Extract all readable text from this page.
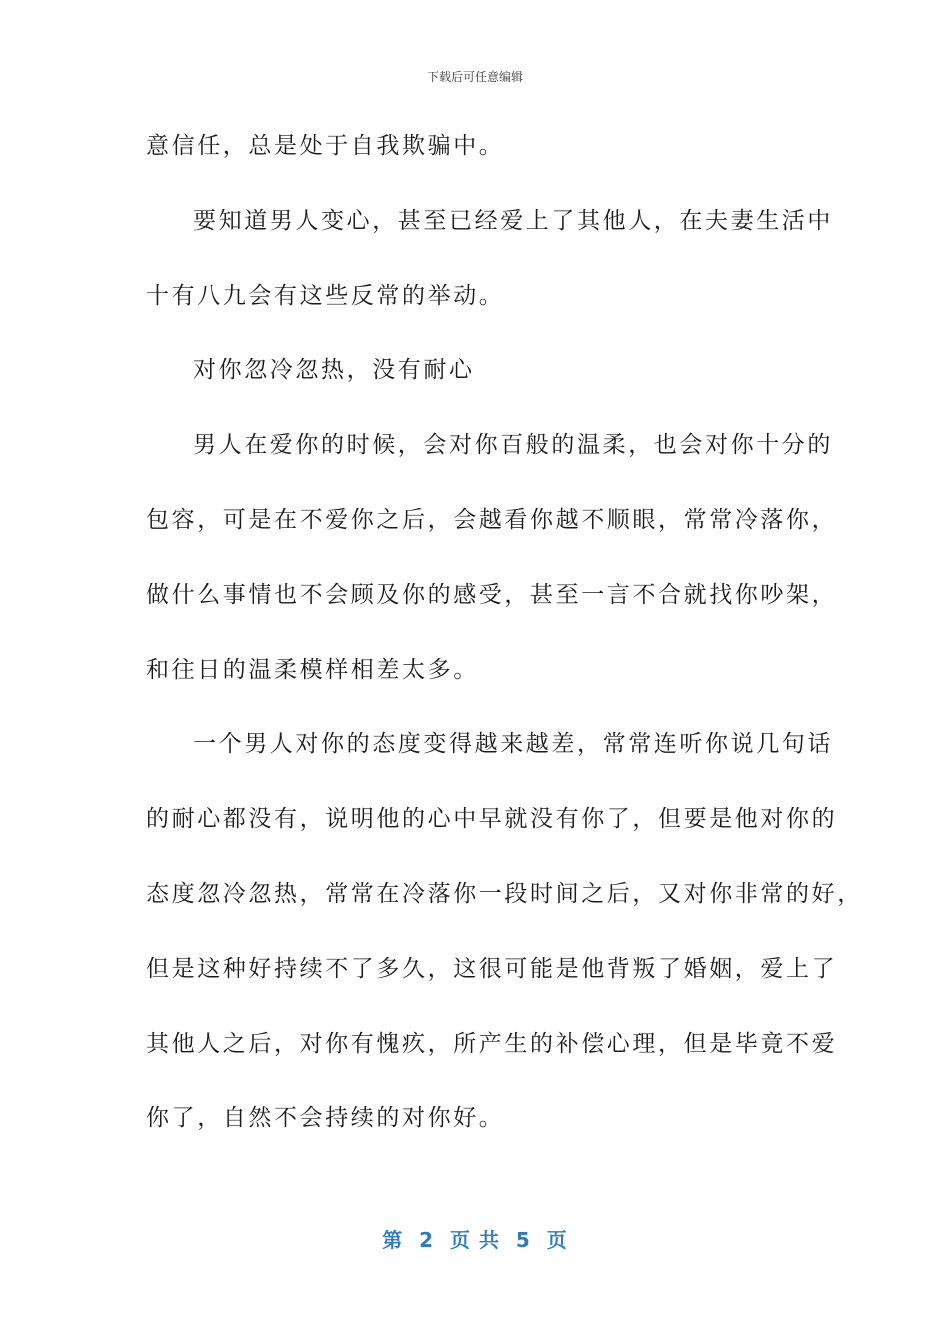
下载后可任意编辑
意信任，总是处于自我欺骗中。
要知道男人变心，甚至已经爱上了其他人，在夫妻生活中
十有八九会有这些反常的举动。
对你忽冷忽热，没有耐心
男人在爱你的时候，会对你百般的温柔，也会对你十分的
包容，可是在不爱你之后，会越看你越不顺眼，常常冷落你，
做什么事情也不会顾及你的感受，甚至一言不合就找你吵架，
和往日的温柔模样相差太多。
一个男人对你的态度变得越来越差，常常连听你说几句话
的耐心都没有，说明他的心中早就没有你了，但要是他对你的
态度忽冷忽热，常常在冷落你一段时间之后，又对你非常的好，
但是这种好持续不了多久，这很可能是他背叛了婚姻，爱上了
其他人之后，对你有愧疚，所产生的补偿心理，但是毕竟不爱
你了，自然不会持续的对你好。
第  2  页 共  5  页
